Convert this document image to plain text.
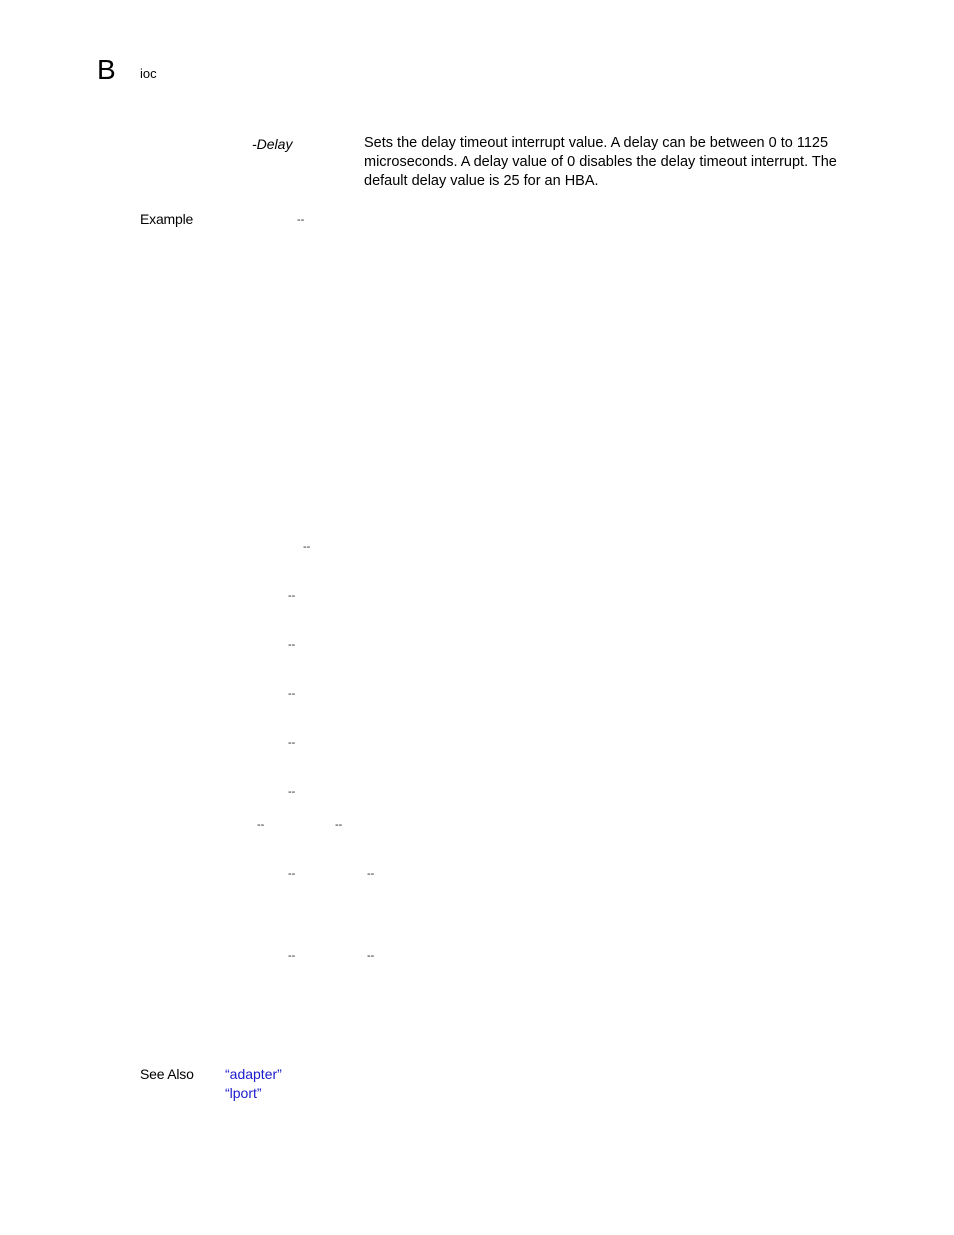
B ioc
-Delay	Sets the delay timeout interrupt value. A delay can be between 0 to 1125
microseconds. A delay value of 0 disables the delay timeout interrupt. The
default delay value is 25 for an HBA.
Example	--
--
--
--
--
--
--
--	--
--	--
--	--
See Also “adapter”
“lport”
